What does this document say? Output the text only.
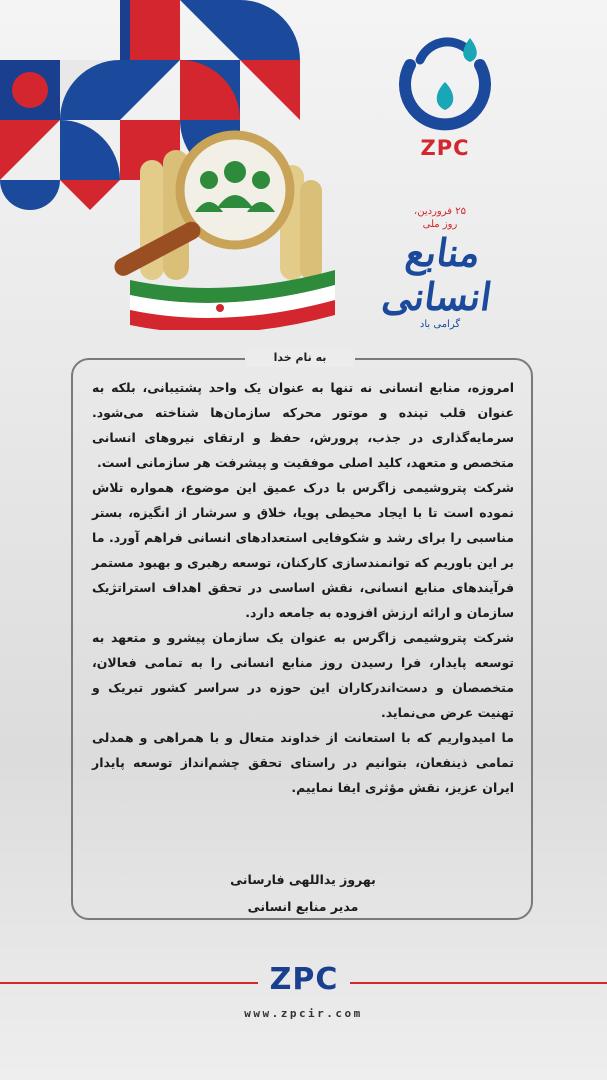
ZPC
۲۵ فروردین،
روز ملی
منابع انسانی
گرامی باد
به نام خدا

امروزه، منابع انسانی نه تنها به عنوان یک واحد پشتیبانی، بلکه به عنوان قلب تپنده و موتور محرکه سازمان‌ها شناخته می‌شود. سرمایه‌گذاری در جذب، پرورش، حفظ و ارتقای نیروهای انسانی متخصص و متعهد، کلید اصلی موفقیت و پیشرفت هر سازمانی است.

شرکت پتروشیمی زاگرس با درک عمیق این موضوع، همواره تلاش نموده است تا با ایجاد محیطی پویا، خلاق و سرشار از انگیزه، بستر مناسبی را برای رشد و شکوفایی استعدادهای انسانی فراهم آورد. ما بر این باوریم که توانمندسازی کارکنان، توسعه رهبری و بهبود مستمر فرآیندهای منابع انسانی، نقش اساسی در تحقق اهداف استراتژیک سازمان و ارائه ارزش افزوده به جامعه دارد.

شرکت پتروشیمی زاگرس به عنوان یک سازمان پیشرو و متعهد به توسعه پایدار، فرا رسیدن روز منابع انسانی را به تمامی فعالان، متخصصان و دست‌اندرکاران این حوزه در سراسر کشور تبریک و تهنیت عرض می‌نماید.

ما امیدواریم که با استعانت از خداوند متعال و با همراهی و همدلی تمامی ذینفعان، بتوانیم در راستای تحقق چشم‌انداز توسعه پایدار ایران عزیز، نقش مؤثری ایفا نماییم.

بهروز یداللهی فارسانی
مدیر منابع انسانی
ZPC
www.zpcir.com
